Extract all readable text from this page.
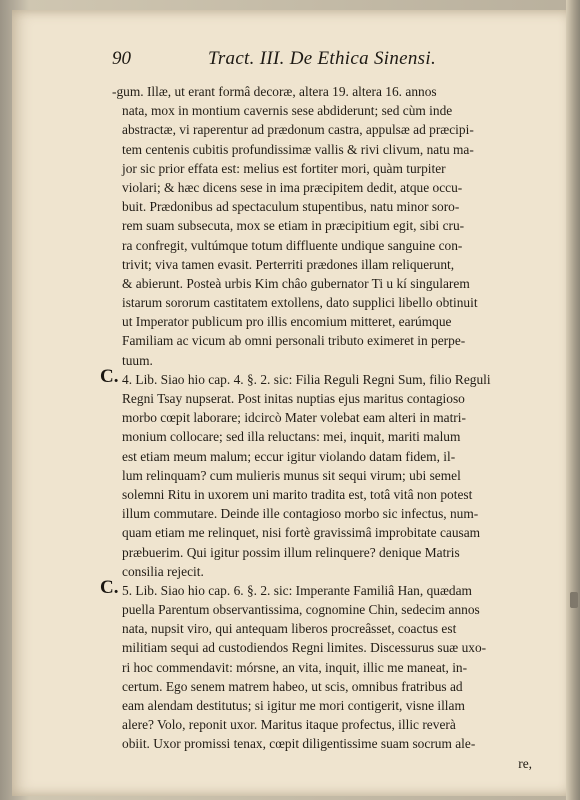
90	Tract. III. De Ethica Sinensi.
-gum. Illæ, ut erant formâ decoræ, altera 19. altera 16. annos
nata, mox in montium cavernis sese abdiderunt; sed cùm inde
abstractæ, vi raperentur ad prædonum castra, appulsæ ad præcipi-
tem centenis cubitis profundissimæ vallis & rivi clivum, natu ma-
jor sic prior effata est: melius est fortiter mori, quàm turpiter
violari; & hæc dicens sese in ima præcipitem dedit, atque occu-
buit. Prædonibus ad spectaculum stupentibus, natu minor soro-
rem suam subsecuta, mox se etiam in præcipitium egit, sibi cru-
ra confregit, vultúmque totum diffluente undique sanguine con-
trivit; viva tamen evasit. Perterriti prædones illam reliquerunt,
& abierunt. Posteà urbis Kim châo gubernator Ti u kí singularem
istarum sororum castitatem extollens, dato supplici libello obtinuit
ut Imperator publicum pro illis encomium mitteret, earúmque
Familiam ac vicum ab omni personali tributo eximeret in perpe-
tuum.
C. 4. Lib. Siao hio cap. 4. §. 2. sic: Filia Reguli Regni Sum, filio Reguli
Regni Tsay nupserat. Post initas nuptias ejus maritus contagioso
morbo cœpit laborare; idcircò Mater volebat eam alteri in matri-
monium collocare; sed illa reluctans: mei, inquit, mariti malum
est etiam meum malum; eccur igitur violando datam fidem, il-
lum relinquam? cum mulieris munus sit sequi virum; ubi semel
solemni Ritu in uxorem uni marito tradita est, totâ vitâ non potest
illum commutare. Deinde ille contagioso morbo sic infectus, num-
quam etiam me relinquet, nisi fortè gravissimâ improbitate causam
præbuerim. Qui igitur possim illum relinquere? denique Matris
consilia rejecit.
C. 5. Lib. Siao hio cap. 6. §. 2. sic: Imperante Familiâ Han, quædam
puella Parentum observantissima, cognomine Chin, sedecim annos
nata, nupsit viro, qui antequam liberos procreâsset, coactus est
militiam sequi ad custodiendos Regni limites. Discessurus suæ uxo-
ri hoc commendavit: mórsne, an vita, inquit, illic me maneat, in-
certum. Ego senem matrem habeo, ut scis, omnibus fratribus ad
eam alendam destitutus; si igitur me mori contigerit, visne illam
alere? Volo, reponit uxor. Maritus itaque profectus, illic reverà
obiit. Uxor promissi tenax, cœpit diligentissime suam socrum ale-
re,
